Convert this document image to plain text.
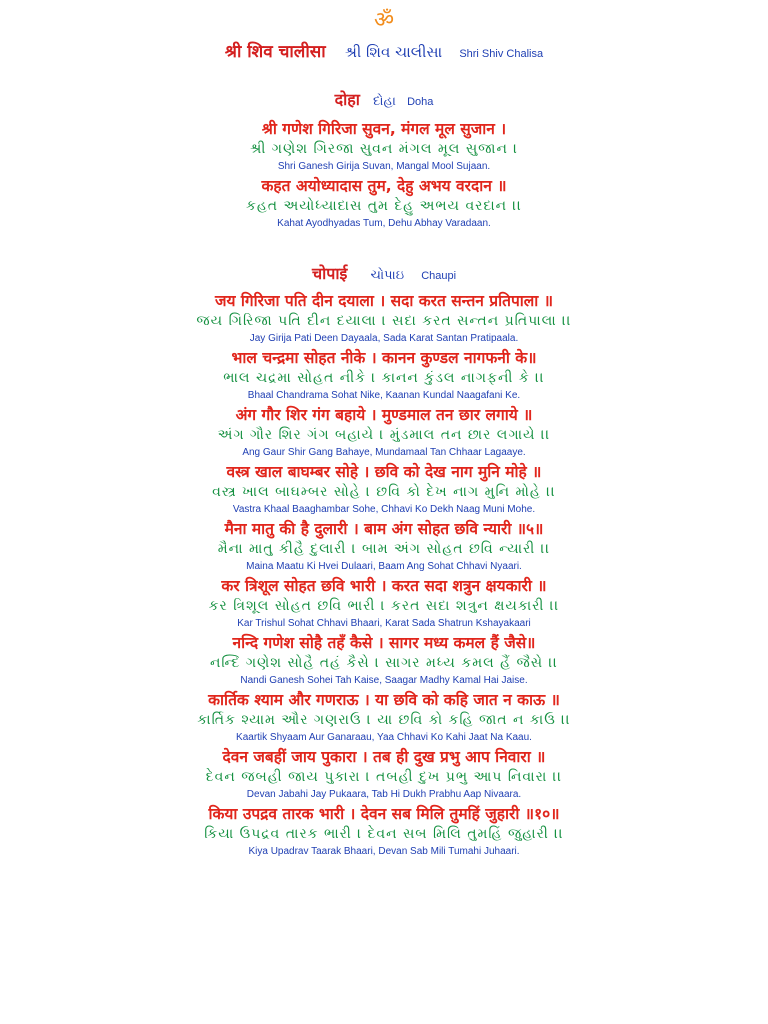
ॐ
श्री शिव चालीसा શ્રી શિવ ચાલીસા Shri Shiv Chalisa
दोहा દોહા Doha
श्री गणेश गिरिजा सुवन, मंगल मूल सुजान ।
શ્રી ગણેશ ગિરજા સુવન મંગલ મૂલ સુજાન ।
Shri Ganesh Girija Suvan, Mangal Mool Sujaan.
कहत अयोध्यादास तुम, देहु अभय वरदान ॥
કહત અયોધ્યાદાસ તુમ દેહુ અભય વરદાન ।।
Kahat Ayodhyadas Tum, Dehu Abhay Varadaan.
चोपाई ચોપાઇ Chaupi
जय गिरिजा पति दीन दयाला । सदा करत सन्तन प्रतिपाला ॥
જય ગિરિજા પતિ દીન દયાલા । સદા કરત સન્તન પ્રતિપાલા ।।
Jay Girija Pati Deen Dayaala, Sada Karat Santan Pratipaala.
भाल चन्द्रमा सोहत नीके । कानन कुण्डल नागफनी के॥
ભાલ ચદ્રમા સોહત નીકે । કાનન કુંડલ નાગફની કે ।।
Bhaal Chandrama Sohat Nike, Kaanan Kundal Naagafani Ke.
अंग गौर शिर गंग बहाये । मुण्डमाल तन छार लगाये ॥
અંગ ગૌર શિર ગંગ બહાયે । મુંડમાલ તન છાર લગાયે ।।
Ang Gaur Shir Gang Bahaye, Mundamaal Tan Chhaar Lagaaye.
वस्त्र खाल बाघम्बर सोहे । छवि को देख नाग मुनि मोहे ॥
વસ્ત્ર ખાલ બાઘમ્બર સોહે । છવિ કો દેખ નાગ મુનિ મોહે ।।
Vastra Khaal Baaghambar Sohe, Chhavi Ko Dekh Naag Muni Mohe.
मैना मातु की है दुलारी । बाम अंग सोहत छवि न्यारी ॥५॥
મૈના માતુ કીહૈ દુલારી । બામ અંગ સોહત છવિ ન્યારી ।।
Maina Maatu Ki Hvei Dulaari, Baam Ang Sohat Chhavi Nyaari.
कर त्रिशूल सोहत छवि भारी । करत सदा शत्रुन क्षयकारी ॥
કર ત્રિશૂલ સોહત છવિ ભારી । કરત સદા શત્રુન ક્ષયકારી ।।
Kar Trishul Sohat Chhavi Bhaari, Karat Sada Shatrun Kshayakaari
नन्दि गणेश सोहै तहँ कैसे । सागर मध्य कमल हैं जैसे॥
નન્દિ ગણેશ સોહૈ તહં કૈસે । સાગર મધ્ય કમલ હૈં જૈસે ।।
Nandi Ganesh Sohei Tah Kaise, Saagar Madhy Kamal Hai Jaise.
कार्तिक श्याम और गणराऊ । या छवि को कहि जात न काऊ ॥
કાર્તિક શ્યામ ઔર ગણરાઉ । યા છવિ કો કહિ જાત ન કાઉ ।।
Kaartik Shyaam Aur Ganaraau, Yaa Chhavi Ko Kahi Jaat Na Kaau.
देवन जबहीं जाय पुकारा । तब ही दुख प्रभु आप निवारा ॥
દેવન જબહી જાય પુકારા । તબહી દુખ પ્રભુ આપ નિવારા ।।
Devan Jabahi Jay Pukaara, Tab Hi Dukh Prabhu Aap Nivaara.
किया उपद्रव तारक भारी । देवन सब मिलि तुमहिं जुहारी ॥१०॥
કિયા ઉપદ્રવ તારક ભારી । દેવન સબ મિલિ તુમહિં જુહારી ।।
Kiya Upadrav Taarak Bhaari, Devan Sab Mili Tumahi Juhaari.
